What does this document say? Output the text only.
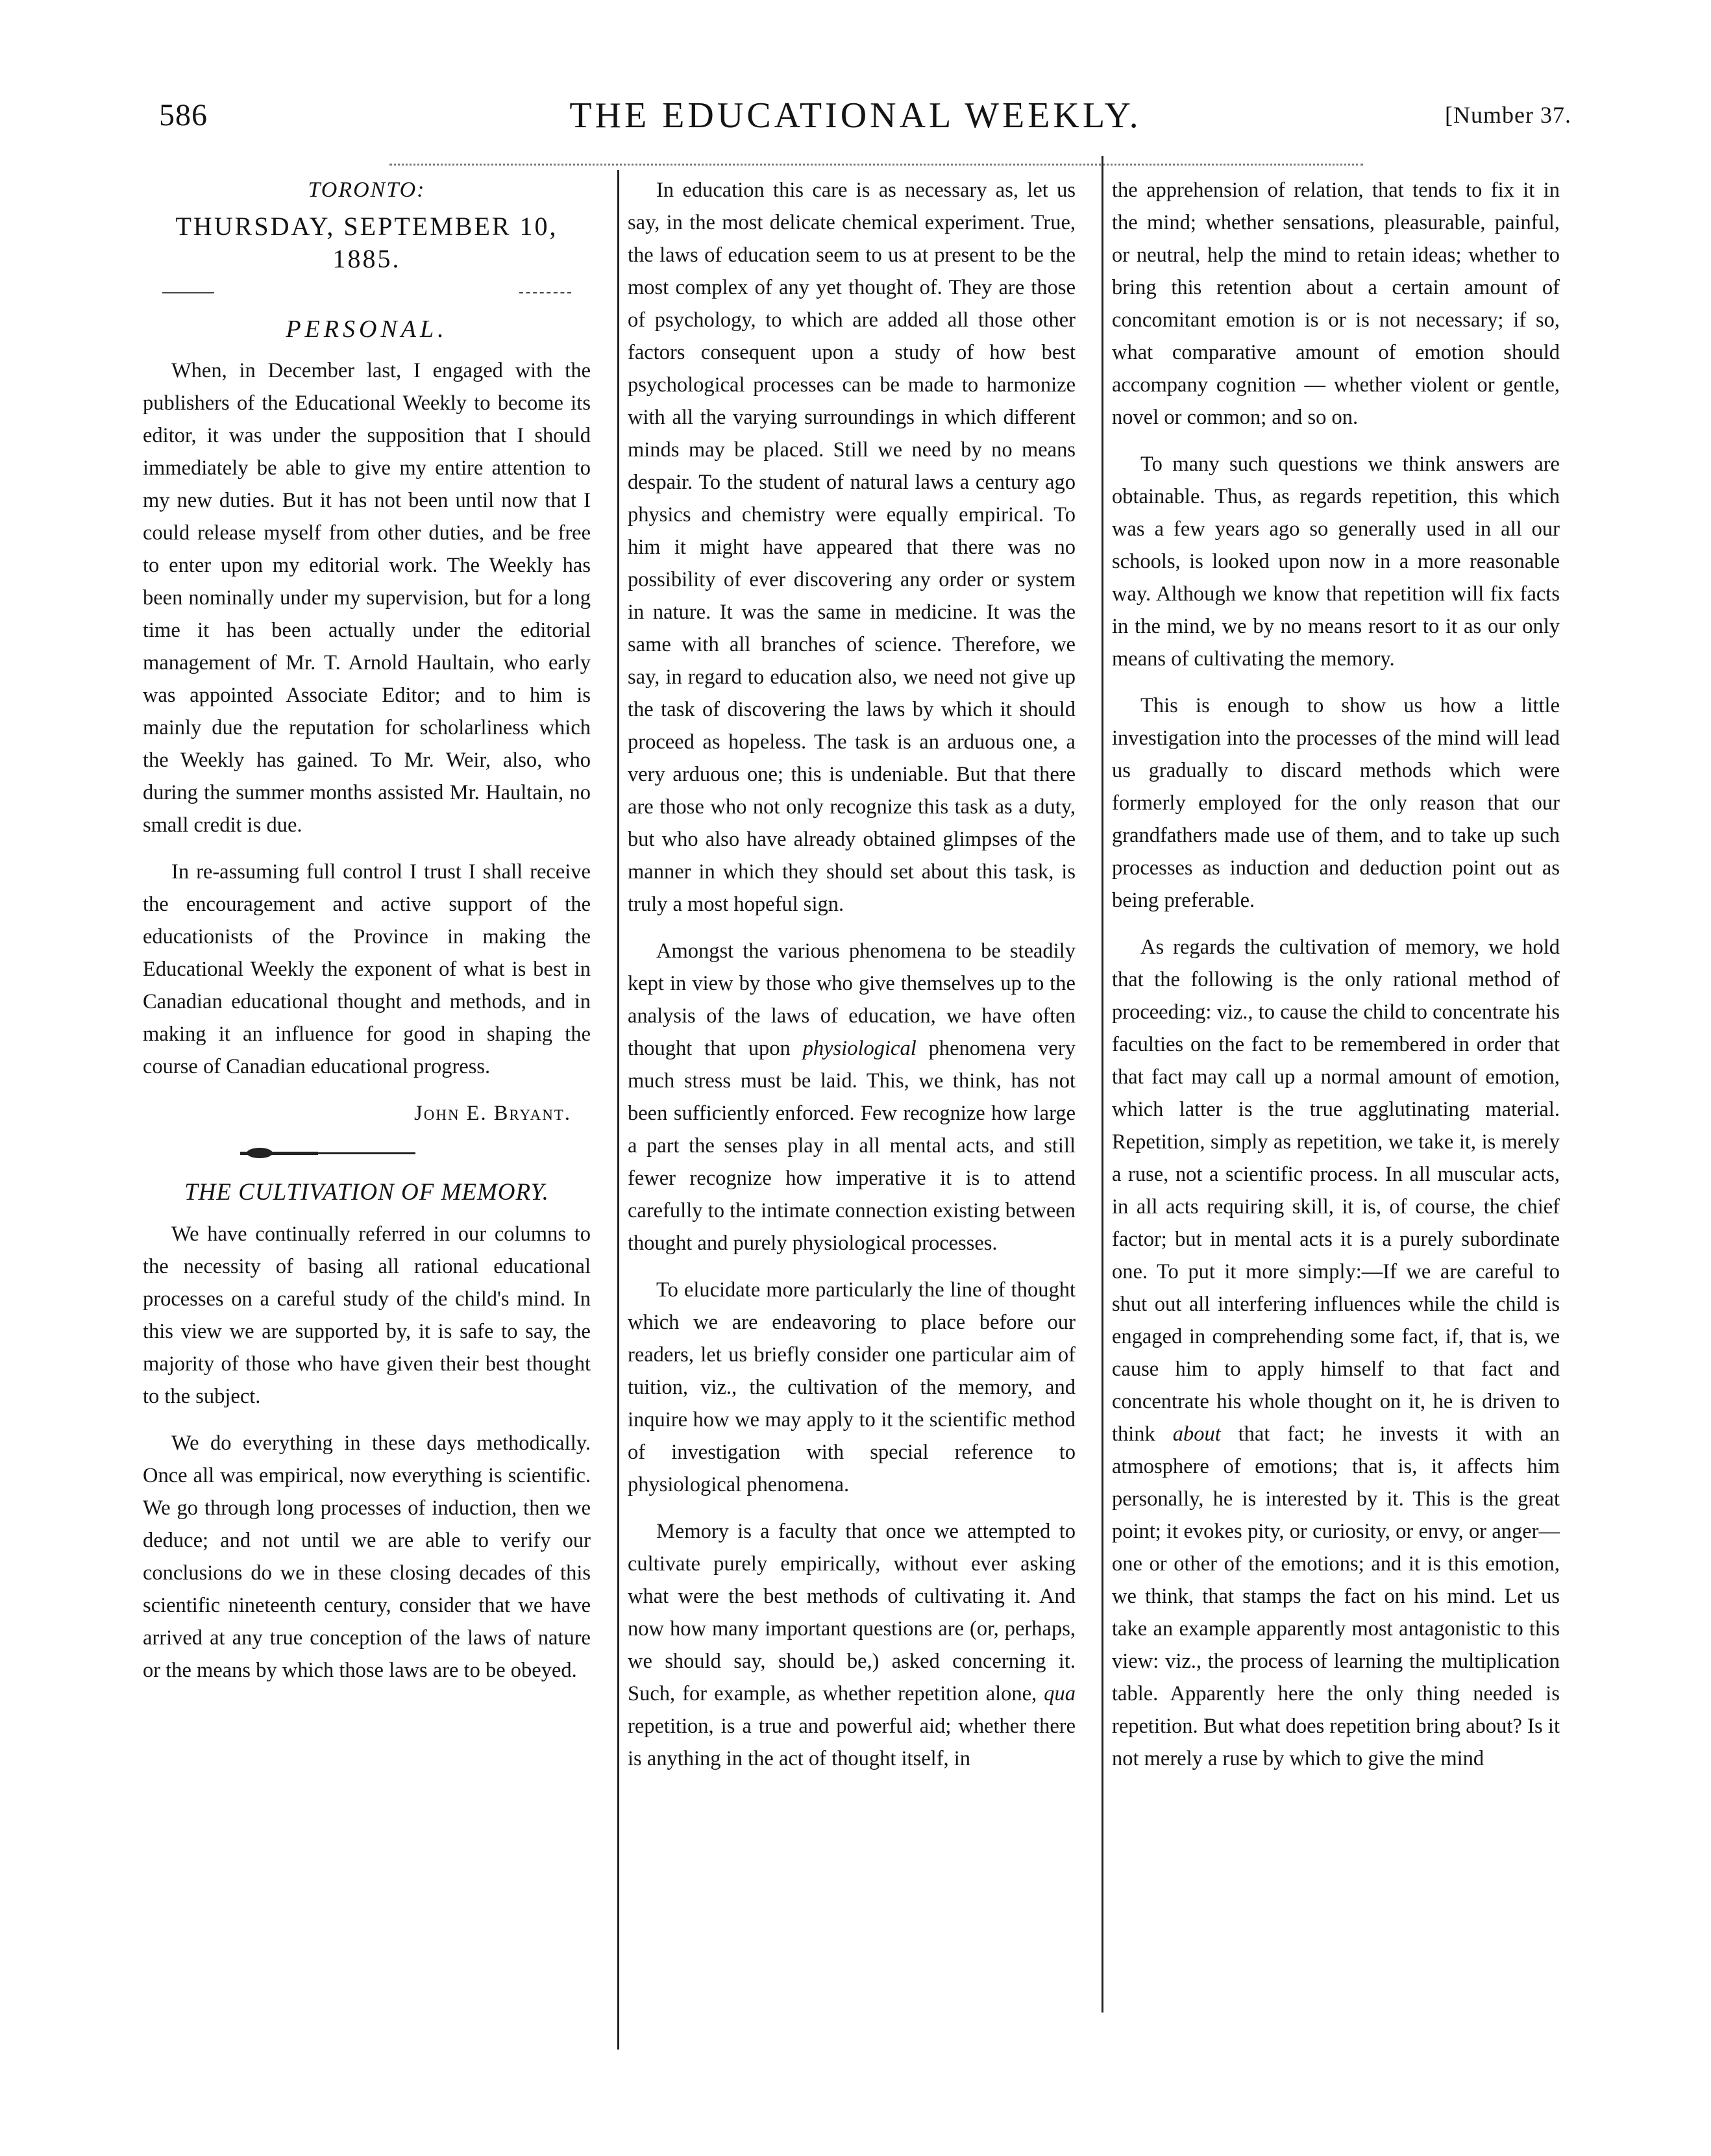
586	THE EDUCATIONAL WEEKLY.	[Number 37.
TORONTO:
THURSDAY, SEPTEMBER 10, 1885.
PERSONAL.

When, in December last, I engaged with the publishers of the Educational Weekly to become its editor, it was under the supposition that I should immediately be able to give my entire attention to my new duties. But it has not been until now that I could release myself from other duties, and be free to enter upon my editorial work. The Weekly has been nominally under my supervision, but for a long time it has been actually under the editorial management of Mr. T. Arnold Haultain, who early was appointed Associate Editor; and to him is mainly due the reputation for scholarliness which the Weekly has gained. To Mr. Weir, also, who during the summer months assisted Mr. Haultain, no small credit is due.

In re-assuming full control I trust I shall receive the encouragement and active support of the educationists of the Province in making the Educational Weekly the exponent of what is best in Canadian educational thought and methods, and in making it an influence for good in shaping the course of Canadian educational progress.

John E. Bryant.
THE CULTIVATION OF MEMORY.

We have continually referred in our columns to the necessity of basing all rational educational processes on a careful study of the child's mind. In this view we are supported by, it is safe to say, the majority of those who have given their best thought to the subject.

We do everything in these days methodically. Once all was empirical, now everything is scientific. We go through long processes of induction, then we deduce; and not until we are able to verify our conclusions do we in these closing decades of this scientific nineteenth century, consider that we have arrived at any true conception of the laws of nature or the means by which those laws are to be obeyed.

In education this care is as necessary as, let us say, in the most delicate chemical experiment. True, the laws of education seem to us at present to be the most complex of any yet thought of. They are those of psychology, to which are added all those other factors consequent upon a study of how best psychological processes can be made to harmonize with all the varying surroundings in which different minds may be placed. Still we need by no means despair. To the student of natural laws a century ago physics and chemistry were equally empirical. To him it might have appeared that there was no possibility of ever discovering any order or system in nature. It was the same in medicine. It was the same with all branches of science. Therefore, we say, in regard to education also, we need not give up the task of discovering the laws by which it should proceed as hopeless. The task is an arduous one, a very arduous one; this is undeniable. But that there are those who not only recognize this task as a duty, but who also have already obtained glimpses of the manner in which they should set about this task, is truly a most hopeful sign.

Amongst the various phenomena to be steadily kept in view by those who give themselves up to the analysis of the laws of education, we have often thought that upon physiological phenomena very much stress must be laid. This, we think, has not been sufficiently enforced. Few recognize how large a part the senses play in all mental acts, and still fewer recognize how imperative it is to attend carefully to the intimate connection existing between thought and purely physiological processes.

To elucidate more particularly the line of thought which we are endeavoring to place before our readers, let us briefly consider one particular aim of tuition, viz., the cultivation of the memory, and inquire how we may apply to it the scientific method of investigation with special reference to physiological phenomena.

Memory is a faculty that once we attempted to cultivate purely empirically, without ever asking what were the best methods of cultivating it. And now how many important questions are (or, perhaps, we should say, should be,) asked concerning it. Such, for example, as whether repetition alone, qua repetition, is a true and powerful aid; whether there is anything in the act of thought itself, in

the apprehension of relation, that tends to fix it in the mind; whether sensations, pleasurable, painful, or neutral, help the mind to retain ideas; whether to bring this retention about a certain amount of concomitant emotion is or is not necessary; if so, what comparative amount of emotion should accompany cognition — whether violent or gentle, novel or common; and so on.

To many such questions we think answers are obtainable. Thus, as regards repetition, this which was a few years ago so generally used in all our schools, is looked upon now in a more reasonable way. Although we know that repetition will fix facts in the mind, we by no means resort to it as our only means of cultivating the memory.

This is enough to show us how a little investigation into the processes of the mind will lead us gradually to discard methods which were formerly employed for the only reason that our grandfathers made use of them, and to take up such processes as induction and deduction point out as being preferable.

As regards the cultivation of memory, we hold that the following is the only rational method of proceeding: viz., to cause the child to concentrate his faculties on the fact to be remembered in order that that fact may call up a normal amount of emotion, which latter is the true agglutinating material. Repetition, simply as repetition, we take it, is merely a ruse, not a scientific process. In all muscular acts, in all acts requiring skill, it is, of course, the chief factor; but in mental acts it is a purely subordinate one. To put it more simply:—If we are careful to shut out all interfering influences while the child is engaged in comprehending some fact, if, that is, we cause him to apply himself to that fact and concentrate his whole thought on it, he is driven to think about that fact; he invests it with an atmosphere of emotions; that is, it affects him personally, he is interested by it. This is the great point; it evokes pity, or curiosity, or envy, or anger—one or other of the emotions; and it is this emotion, we think, that stamps the fact on his mind. Let us take an example apparently most antagonistic to this view: viz., the process of learning the multiplication table. Apparently here the only thing needed is repetition. But what does repetition bring about? Is it not merely a ruse by which to give the mind
